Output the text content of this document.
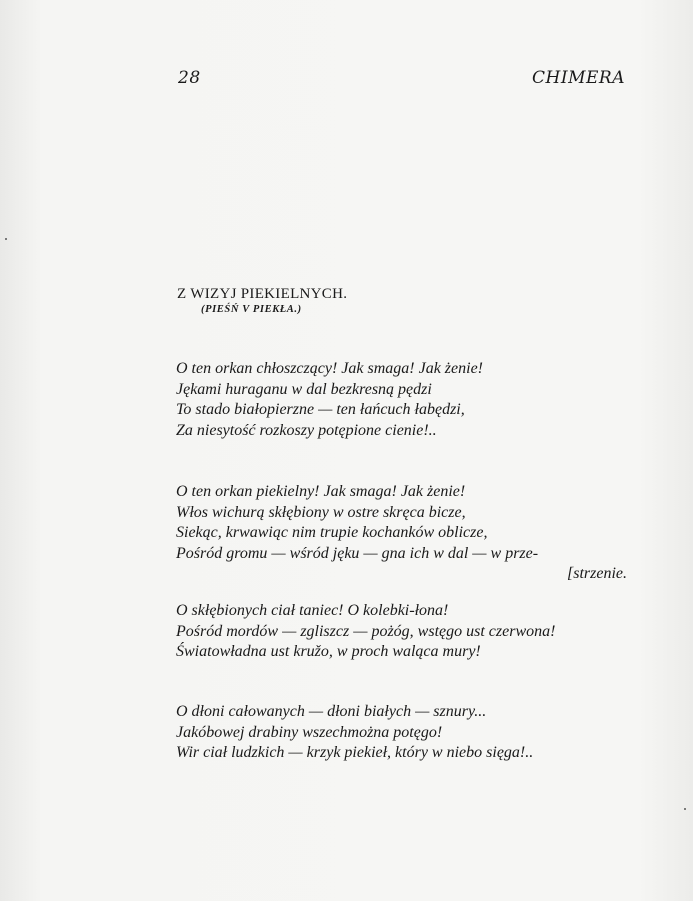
28	CHIMERA
Z WIZYJ PIEKIELNYCH.
(PIEŚŃ V PIEKŁA.)
O ten orkan chłoszczący! Jak smaga! Jak żenie!
Jękami huraganu w dal bezkresną pędzi
To stado białopierzne — ten łańcuch łabędzi,
Za niesytość rozkoszy potępione cienie!..
O ten orkan piekielny! Jak smaga! Jak żenie!
Włos wichurą skłębiony w ostre skręca bicze,
Siekąc, krwawiąc nim trupie kochanków oblicze,
Pośród gromu — wśród jęku — gna ich w dal — w prze-
[strzenie.
O skłębionych ciał taniec! O kolebki-łona!
Pośród mordów — zgliszcz — pożóg, wstęgo ust czerwona!
Światowładna ust kružo, w proch waląca mury!
O dłoni całowanych — dłoni białych — sznury...
Jakóbowej drabiny wszechmożna potęgo!
Wir ciał ludzkich — krzyk piekieł, który w niebo sięga!..
